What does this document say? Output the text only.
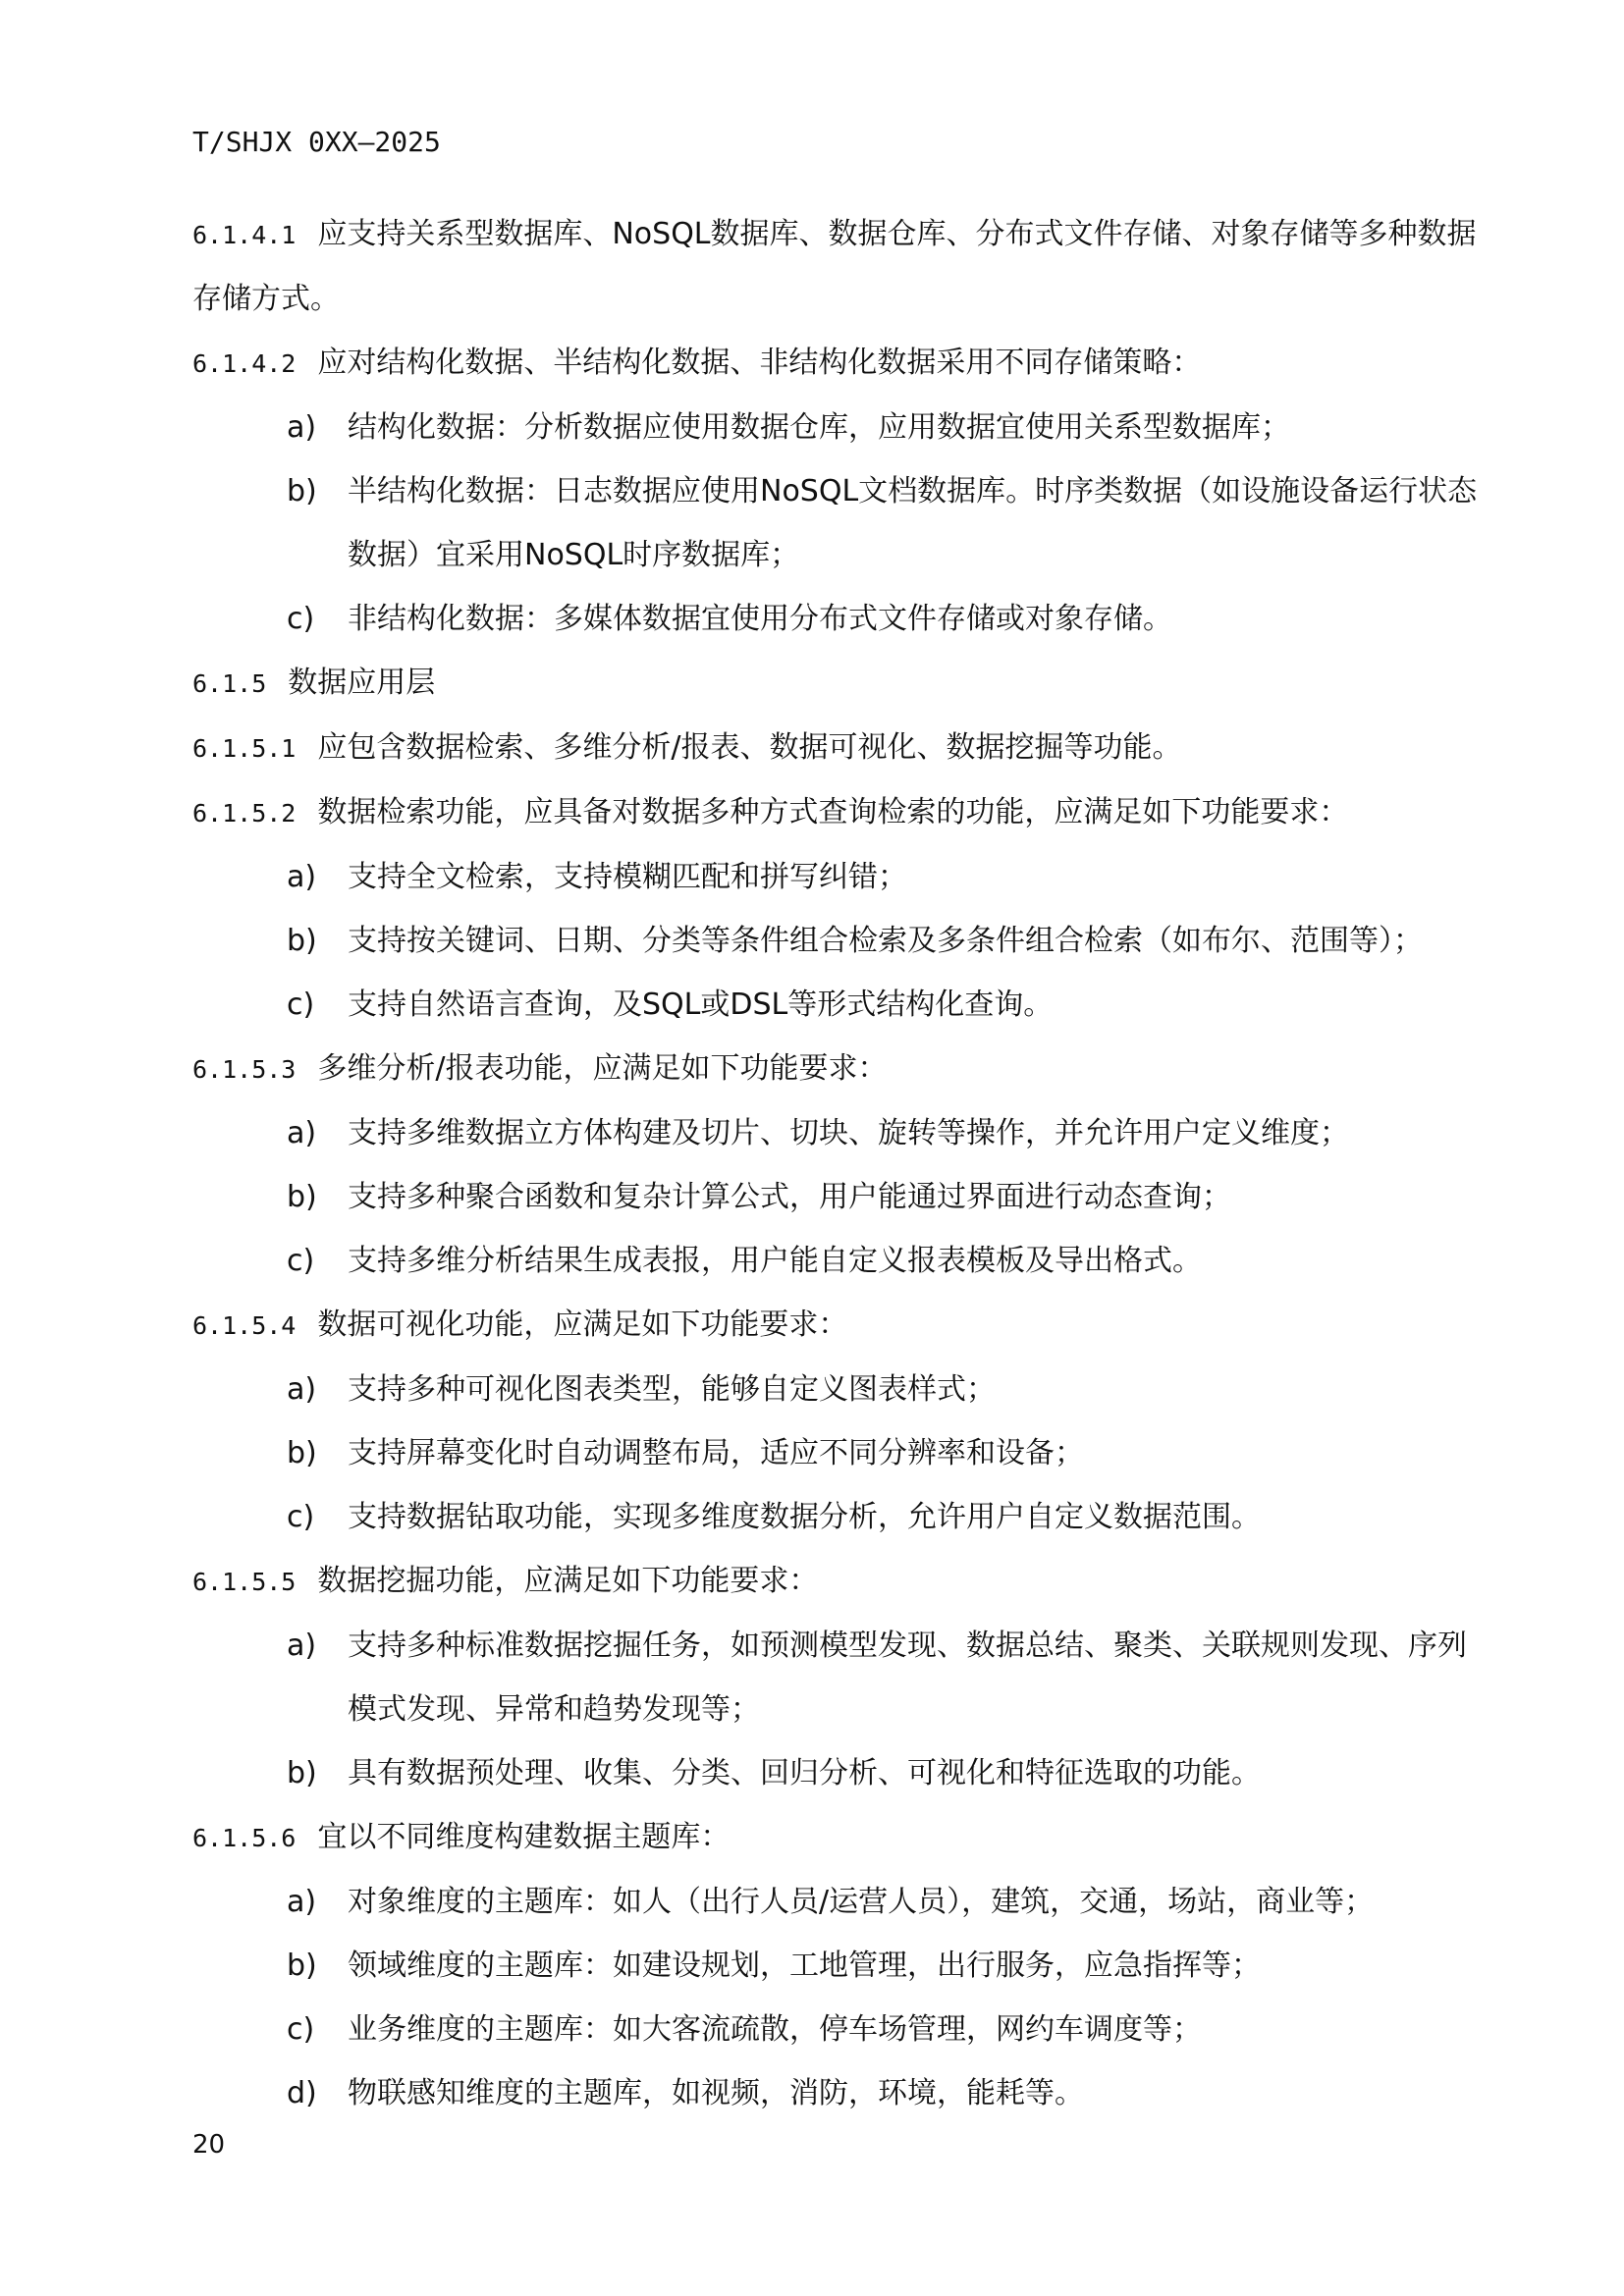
T/SHJX 0XX—2025
6.1.4.1 应支持关系型数据库、NoSQL数据库、数据仓库、分布式文件存储、对象存储等多种数据存储方式。
6.1.4.2 应对结构化数据、半结构化数据、非结构化数据采用不同存储策略：
a) 结构化数据：分析数据应使用数据仓库，应用数据宜使用关系型数据库；
b) 半结构化数据：日志数据应使用NoSQL文档数据库。时序类数据（如设施设备运行状态数据）宜采用NoSQL时序数据库；
c) 非结构化数据：多媒体数据宜使用分布式文件存储或对象存储。
6.1.5 数据应用层
6.1.5.1 应包含数据检索、多维分析/报表、数据可视化、数据挖掘等功能。
6.1.5.2 数据检索功能，应具备对数据多种方式查询检索的功能，应满足如下功能要求：
a) 支持全文检索，支持模糊匹配和拼写纠错；
b) 支持按关键词、日期、分类等条件组合检索及多条件组合检索（如布尔、范围等）；
c) 支持自然语言查询，及SQL或DSL等形式结构化查询。
6.1.5.3 多维分析/报表功能，应满足如下功能要求：
a) 支持多维数据立方体构建及切片、切块、旋转等操作，并允许用户定义维度；
b) 支持多种聚合函数和复杂计算公式，用户能通过界面进行动态查询；
c) 支持多维分析结果生成表报，用户能自定义报表模板及导出格式。
6.1.5.4 数据可视化功能，应满足如下功能要求：
a) 支持多种可视化图表类型，能够自定义图表样式；
b) 支持屏幕变化时自动调整布局，适应不同分辨率和设备；
c) 支持数据钻取功能，实现多维度数据分析，允许用户自定义数据范围。
6.1.5.5 数据挖掘功能，应满足如下功能要求：
a) 支持多种标准数据挖掘任务，如预测模型发现、数据总结、聚类、关联规则发现、序列模式发现、异常和趋势发现等；
b) 具有数据预处理、收集、分类、回归分析、可视化和特征选取的功能。
6.1.5.6 宜以不同维度构建数据主题库：
a) 对象维度的主题库：如人（出行人员/运营人员），建筑，交通，场站，商业等；
b) 领域维度的主题库：如建设规划，工地管理，出行服务，应急指挥等；
c) 业务维度的主题库：如大客流疏散，停车场管理，网约车调度等；
d) 物联感知维度的主题库，如视频，消防，环境，能耗等。
20
